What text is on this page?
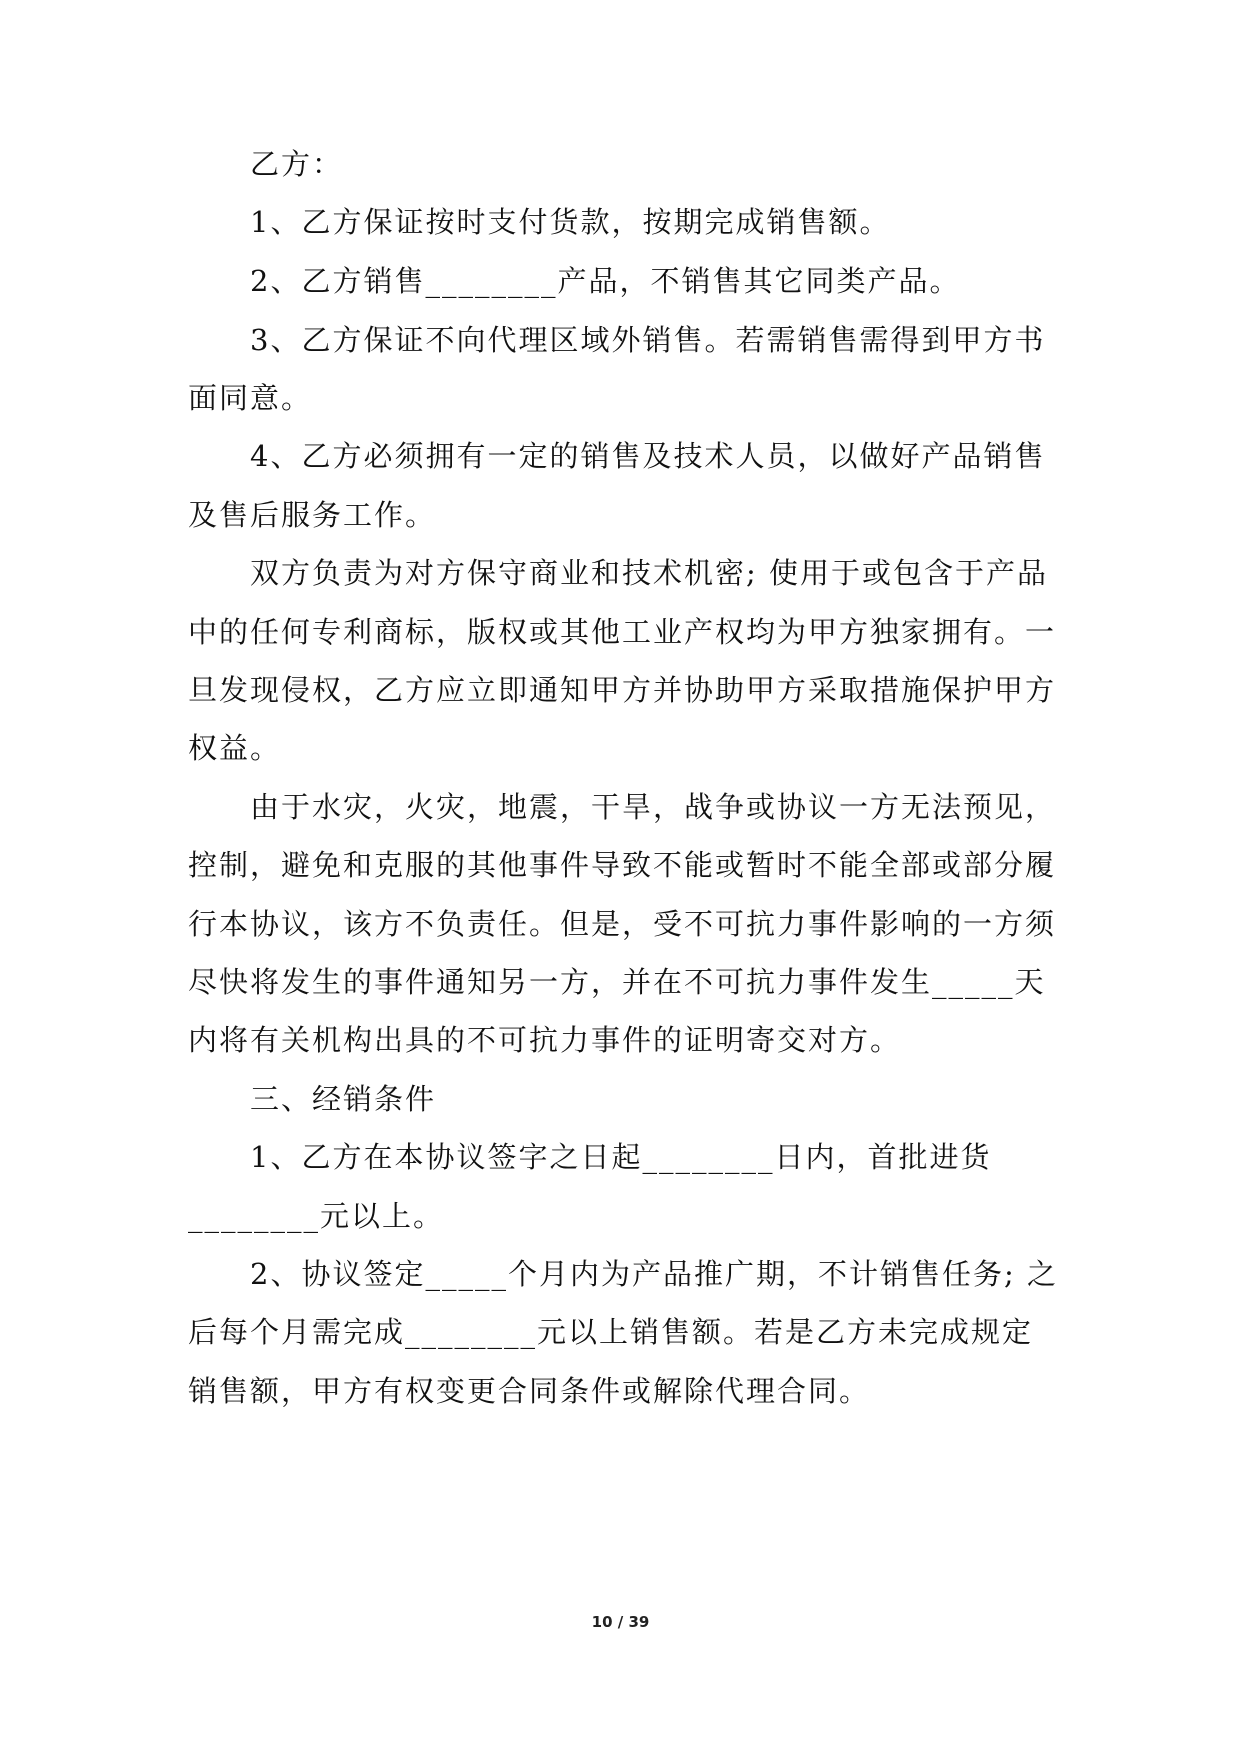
乙方：
1、乙方保证按时支付货款，按期完成销售额。
2、乙方销售________产品，不销售其它同类产品。
3、乙方保证不向代理区域外销售。若需销售需得到甲方书
面同意。
4、乙方必须拥有一定的销售及技术人员，以做好产品销售
及售后服务工作。
双方负责为对方保守商业和技术机密; 使用于或包含于产品
中的任何专利商标，版权或其他工业产权均为甲方独家拥有。一
旦发现侵权，乙方应立即通知甲方并协助甲方采取措施保护甲方
权益。
由于水灾，火灾，地震，干旱，战争或协议一方无法预见，
控制，避免和克服的其他事件导致不能或暂时不能全部或部分履
行本协议，该方不负责任。但是，受不可抗力事件影响的一方须
尽快将发生的事件通知另一方，并在不可抗力事件发生_____天
内将有关机构出具的不可抗力事件的证明寄交对方。
三、经销条件
1、乙方在本协议签字之日起________日内，首批进货
________元以上。
2、协议签定_____个月内为产品推广期，不计销售任务; 之
后每个月需完成________元以上销售额。若是乙方未完成规定
销售额，甲方有权变更合同条件或解除代理合同。
10 / 39
